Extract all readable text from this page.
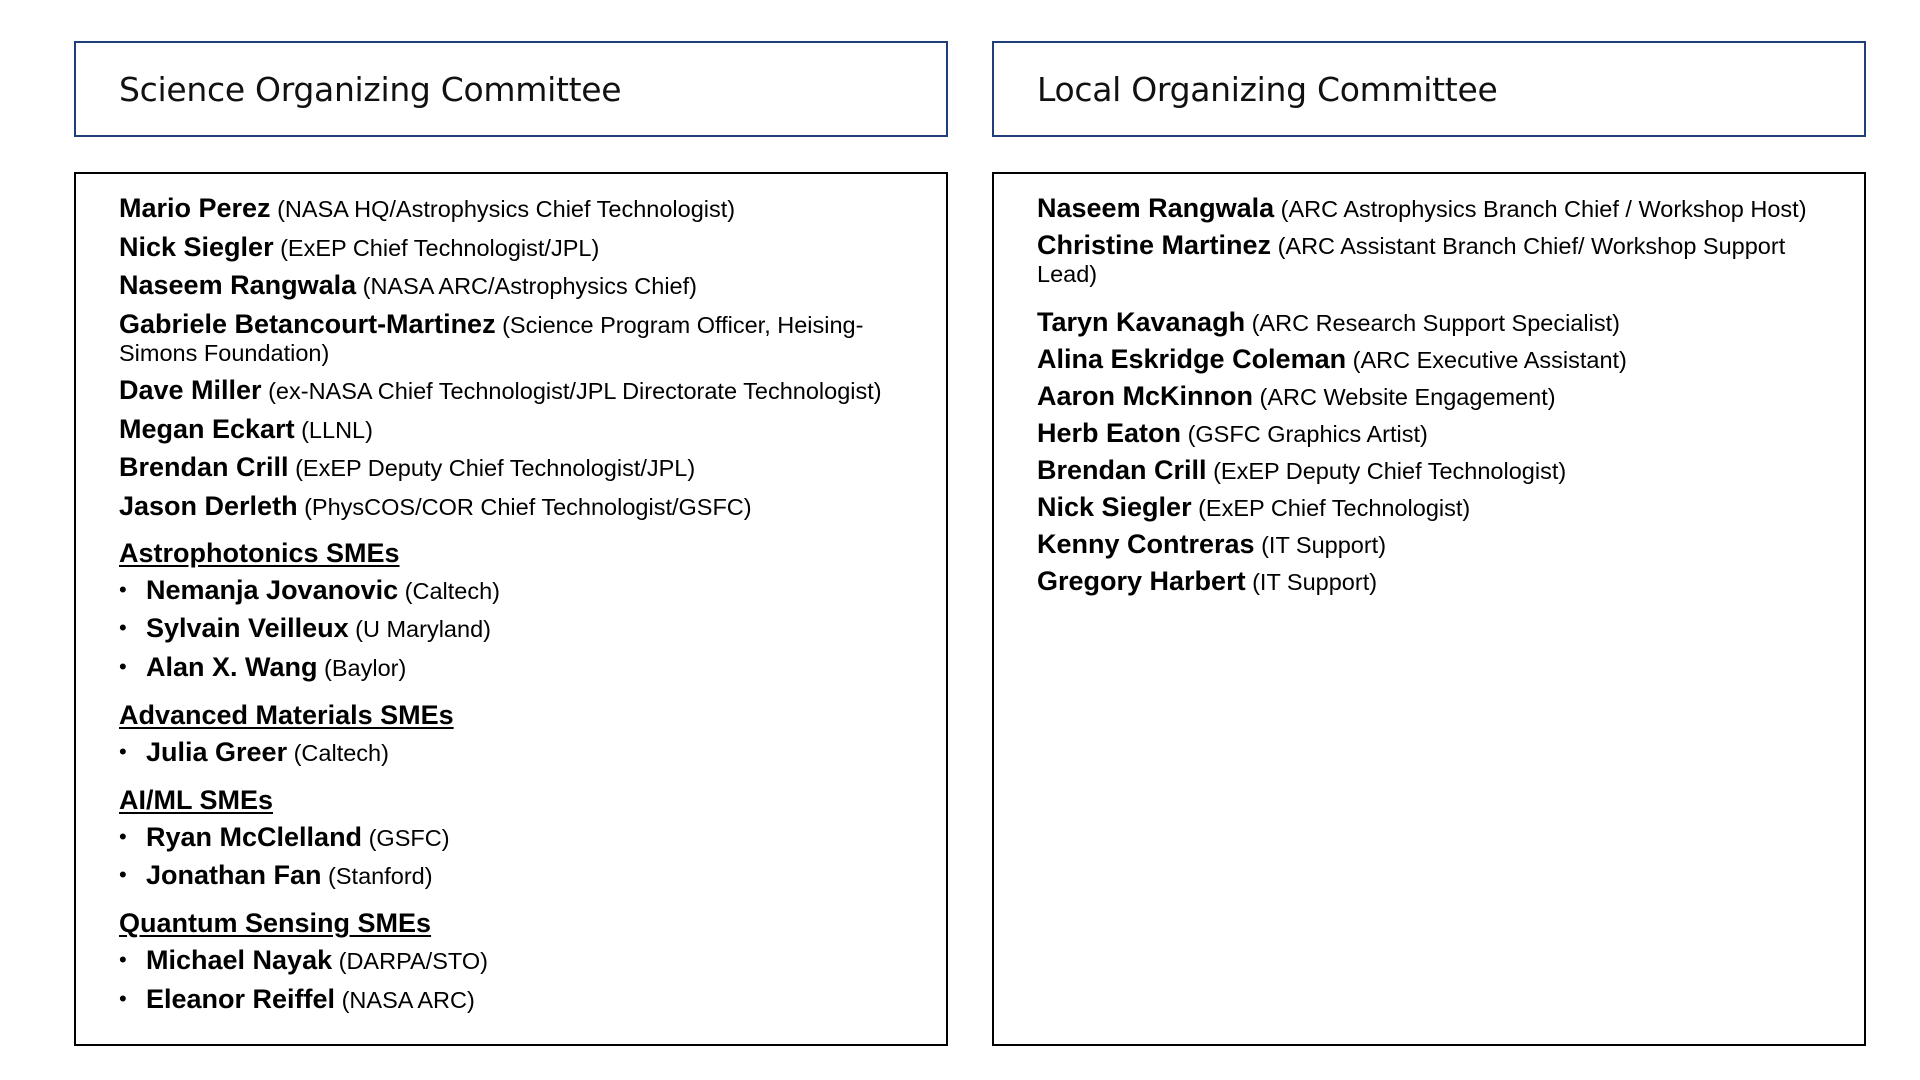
Science Organizing Committee	Local Organizing Committee
Mario Perez (NASA HQ/Astrophysics Chief Technologist)
Nick Siegler (ExEP Chief Technologist/JPL)
Naseem Rangwala (NASA ARC/Astrophysics Chief)
Gabriele Betancourt-Martinez (Science Program Officer, Heising-Simons Foundation)
Dave Miller (ex-NASA Chief Technologist/JPL Directorate Technologist)
Megan Eckart (LLNL)
Brendan Crill (ExEP Deputy Chief Technologist/JPL)
Jason Derleth (PhysCOS/COR Chief Technologist/GSFC)
Astrophotonics SMEs
• Nemanja Jovanovic (Caltech)
• Sylvain Veilleux (U Maryland)
• Alan X. Wang (Baylor)
Advanced Materials SMEs
• Julia Greer (Caltech)
AI/ML SMEs
• Ryan McClelland (GSFC)
• Jonathan Fan (Stanford)
Quantum Sensing SMEs
• Michael Nayak (DARPA/STO)
• Eleanor Reiffel (NASA ARC)
Naseem Rangwala (ARC Astrophysics Branch Chief / Workshop Host)
Christine Martinez (ARC Assistant Branch Chief/ Workshop Support Lead)
Taryn Kavanagh (ARC Research Support Specialist)
Alina Eskridge Coleman (ARC Executive Assistant)
Aaron McKinnon (ARC Website Engagement)
Herb Eaton (GSFC Graphics Artist)
Brendan Crill (ExEP Deputy Chief Technologist)
Nick Siegler (ExEP Chief Technologist)
Kenny Contreras (IT Support)
Gregory Harbert (IT Support)
